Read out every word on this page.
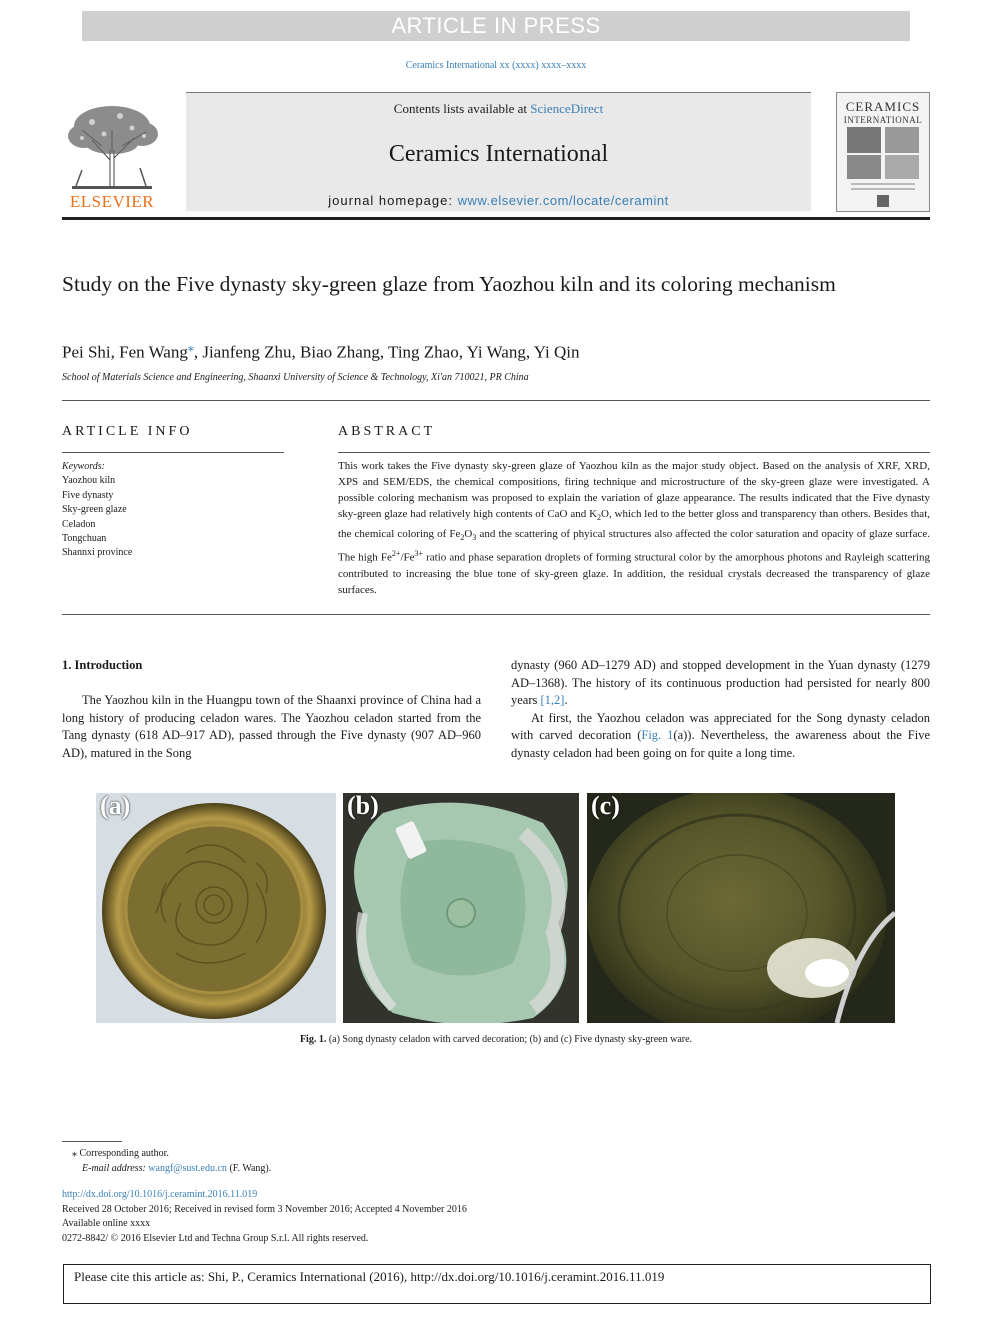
ARTICLE IN PRESS
Ceramics International xx (xxxx) xxxx–xxxx
ELSEVIER
Contents lists available at ScienceDirect
Ceramics International
journal homepage: www.elsevier.com/locate/ceramint
CERAMICS
INTERNATIONAL
Study on the Five dynasty sky-green glaze from Yaozhou kiln and its coloring mechanism
Pei Shi, Fen Wang⁎, Jianfeng Zhu, Biao Zhang, Ting Zhao, Yi Wang, Yi Qin
School of Materials Science and Engineering, Shaanxi University of Science & Technology, Xi'an 710021, PR China
ARTICLE INFO
Keywords:
Yaozhou kiln
Five dynasty
Sky-green glaze
Celadon
Tongchuan
Shannxi province
ABSTRACT
This work takes the Five dynasty sky-green glaze of Yaozhou kiln as the major study object. Based on the analysis of XRF, XRD, XPS and SEM/EDS, the chemical compositions, firing technique and microstructure of the sky-green glaze were investigated. A possible coloring mechanism was proposed to explain the variation of glaze appearance. The results indicated that the Five dynasty sky-green glaze had relatively high contents of CaO and $K_2O$, which led to the better gloss and transparency than others. Besides that, the chemical coloring of $Fe_2O_3$ and the scattering of phyical structures also affected the color saturation and opacity of glaze surface. The high $Fe^{2+}/Fe^{3+}$ ratio and phase separation droplets of forming structural color by the amorphous photons and Rayleigh scattering contributed to increasing the blue tone of sky-green glaze. In addition, the residual crystals decreased the transparency of glaze surfaces.
1. Introduction

The Yaozhou kiln in the Huangpu town of the Shaanxi province of China had a long history of producing celadon wares. The Yaozhou celadon started from the Tang dynasty (618 AD–917 AD), passed through the Five dynasty (907 AD–960 AD), matured in the Song

dynasty (960 AD–1279 AD) and stopped development in the Yuan dynasty (1279 AD–1368). The history of its continuous production had persisted for nearly 800 years [1,2].

At first, the Yaozhou celadon was appreciated for the Song dynasty celadon with carved decoration (Fig. 1(a)). Nevertheless, the awareness about the Five dynasty celadon had been going on for quite a long time.

(a)	(b)	(c)
Fig. 1. (a) Song dynasty celadon with carved decoration; (b) and (c) Five dynasty sky-green ware.
⁎ Corresponding author.
E-mail address: wangf@sust.edu.cn (F. Wang).
http://dx.doi.org/10.1016/j.ceramint.2016.11.019
Received 28 October 2016; Received in revised form 3 November 2016; Accepted 4 November 2016
Available online xxxx
0272-8842/ © 2016 Elsevier Ltd and Techna Group S.r.l. All rights reserved.
Please cite this article as: Shi, P., Ceramics International (2016), http://dx.doi.org/10.1016/j.ceramint.2016.11.019
